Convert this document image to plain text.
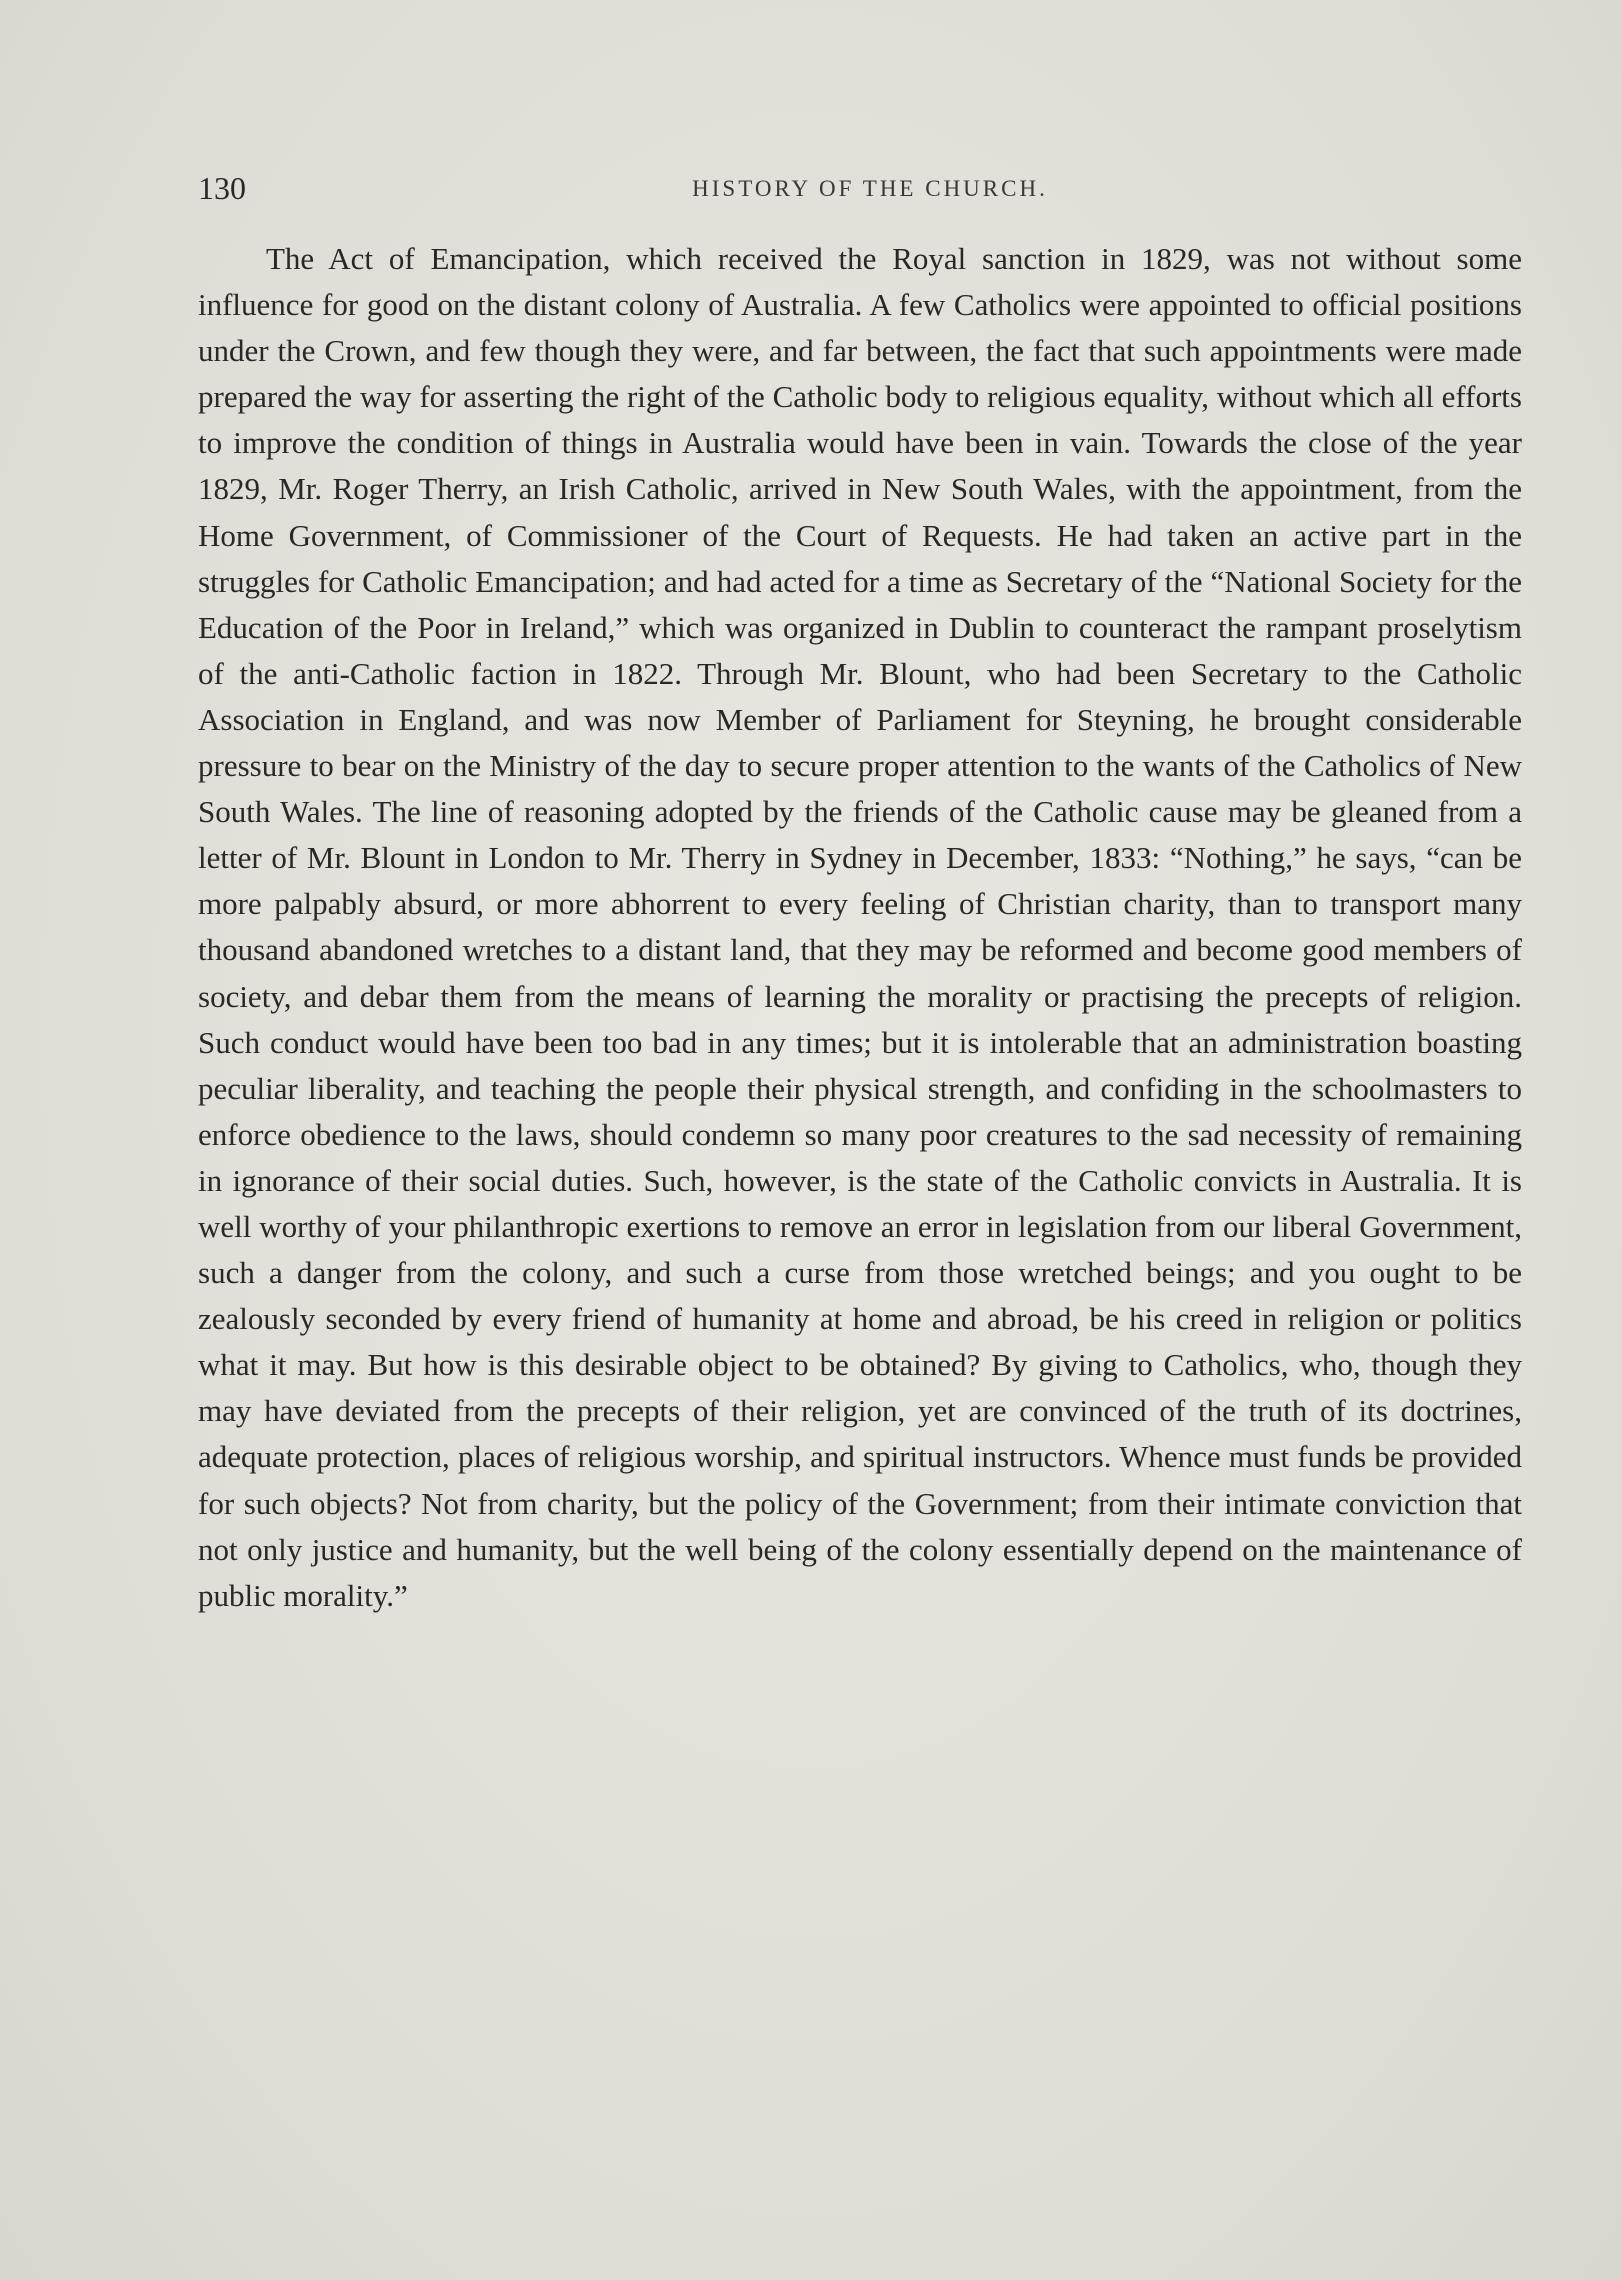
130	HISTORY OF THE CHURCH.

The Act of Emancipation, which received the Royal sanction in 1829, was not without some influence for good on the distant colony of Australia. A few Catholics were appointed to official positions under the Crown, and few though they were, and far between, the fact that such appointments were made prepared the way for asserting the right of the Catholic body to religious equality, without which all efforts to improve the condition of things in Australia would have been in vain. Towards the close of the year 1829, Mr. Roger Therry, an Irish Catholic, arrived in New South Wales, with the appointment, from the Home Government, of Commissioner of the Court of Requests. He had taken an active part in the struggles for Catholic Emancipation; and had acted for a time as Secretary of the “National Society for the Education of the Poor in Ireland,” which was organized in Dublin to counteract the rampant proselytism of the anti-Catholic faction in 1822. Through Mr. Blount, who had been Secretary to the Catholic Association in England, and was now Member of Parliament for Steyning, he brought considerable pressure to bear on the Ministry of the day to secure proper attention to the wants of the Catholics of New South Wales. The line of reasoning adopted by the friends of the Catholic cause may be gleaned from a letter of Mr. Blount in London to Mr. Therry in Sydney in December, 1833: “Nothing,” he says, “can be more palpably absurd, or more abhorrent to every feeling of Christian charity, than to transport many thousand abandoned wretches to a distant land, that they may be reformed and become good members of society, and debar them from the means of learning the morality or practising the precepts of religion. Such conduct would have been too bad in any times; but it is intolerable that an administration boasting peculiar liberality, and teaching the people their physical strength, and confiding in the schoolmasters to enforce obedience to the laws, should condemn so many poor creatures to the sad necessity of remaining in ignorance of their social duties. Such, however, is the state of the Catholic convicts in Australia. It is well worthy of your philanthropic exertions to remove an error in legislation from our liberal Government, such a danger from the colony, and such a curse from those wretched beings; and you ought to be zealously seconded by every friend of humanity at home and abroad, be his creed in religion or politics what it may. But how is this desirable object to be obtained? By giving to Catholics, who, though they may have deviated from the precepts of their religion, yet are convinced of the truth of its doctrines, adequate protection, places of religious worship, and spiritual instructors. Whence must funds be provided for such objects? Not from charity, but the policy of the Government; from their intimate conviction that not only justice and humanity, but the well being of the colony essentially depend on the maintenance of public morality.”
